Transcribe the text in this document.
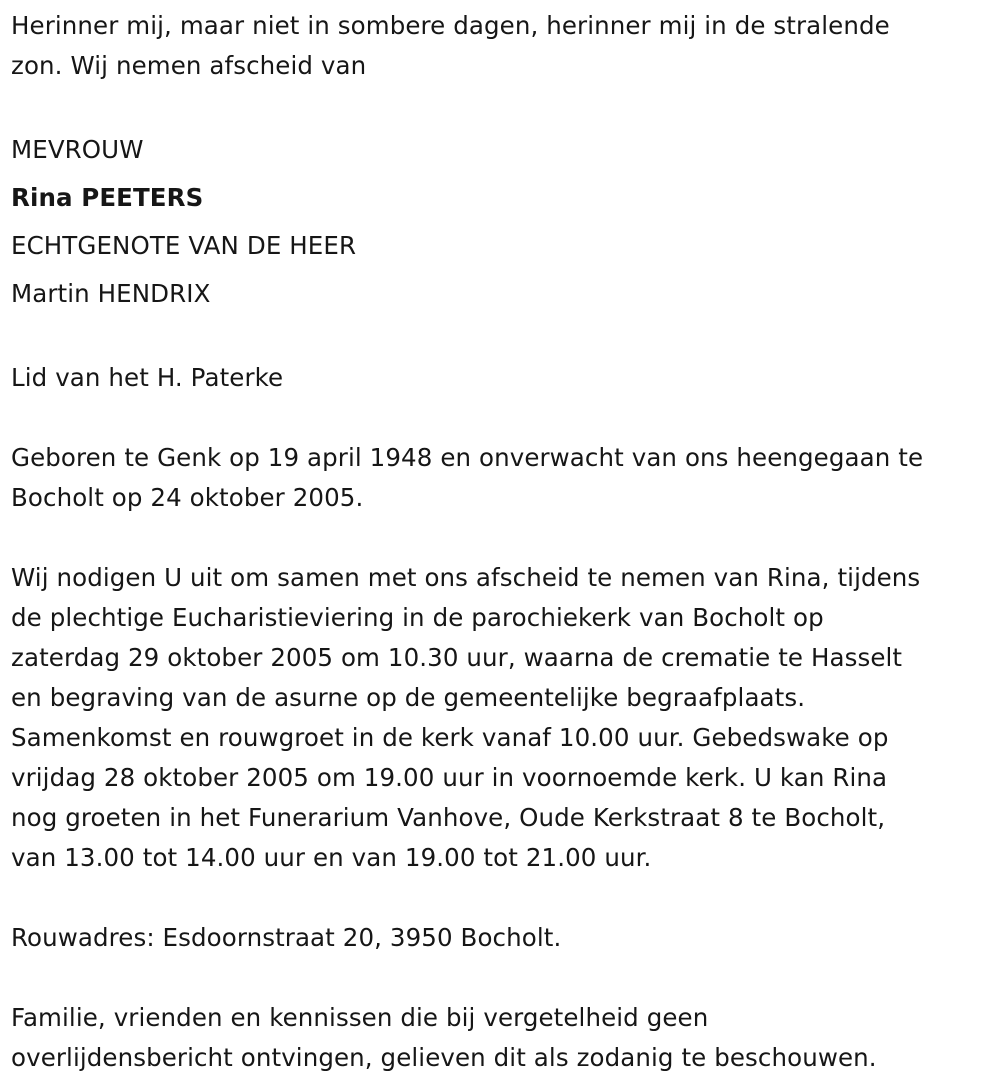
Herinner mij, maar niet in sombere dagen, herinner mij in de stralende
zon. Wij nemen afscheid van

MEVROUW

Rina PEETERS

ECHTGENOTE VAN DE HEER

Martin HENDRIX

Lid van het H. Paterke

Geboren te Genk op 19 april 1948 en onverwacht van ons heengegaan te
Bocholt op 24 oktober 2005.

Wij nodigen U uit om samen met ons afscheid te nemen van Rina, tijdens
de plechtige Eucharistieviering in de parochiekerk van Bocholt op
zaterdag 29 oktober 2005 om 10.30 uur, waarna de crematie te Hasselt
en begraving van de asurne op de gemeentelijke begraafplaats.
Samenkomst en rouwgroet in de kerk vanaf 10.00 uur. Gebedswake op
vrijdag 28 oktober 2005 om 19.00 uur in voornoemde kerk. U kan Rina
nog groeten in het Funerarium Vanhove, Oude Kerkstraat 8 te Bocholt,
van 13.00 tot 14.00 uur en van 19.00 tot 21.00 uur.

Rouwadres: Esdoornstraat 20, 3950 Bocholt.

Familie, vrienden en kennissen die bij vergetelheid geen
overlijdensbericht ontvingen, gelieven dit als zodanig te beschouwen.
